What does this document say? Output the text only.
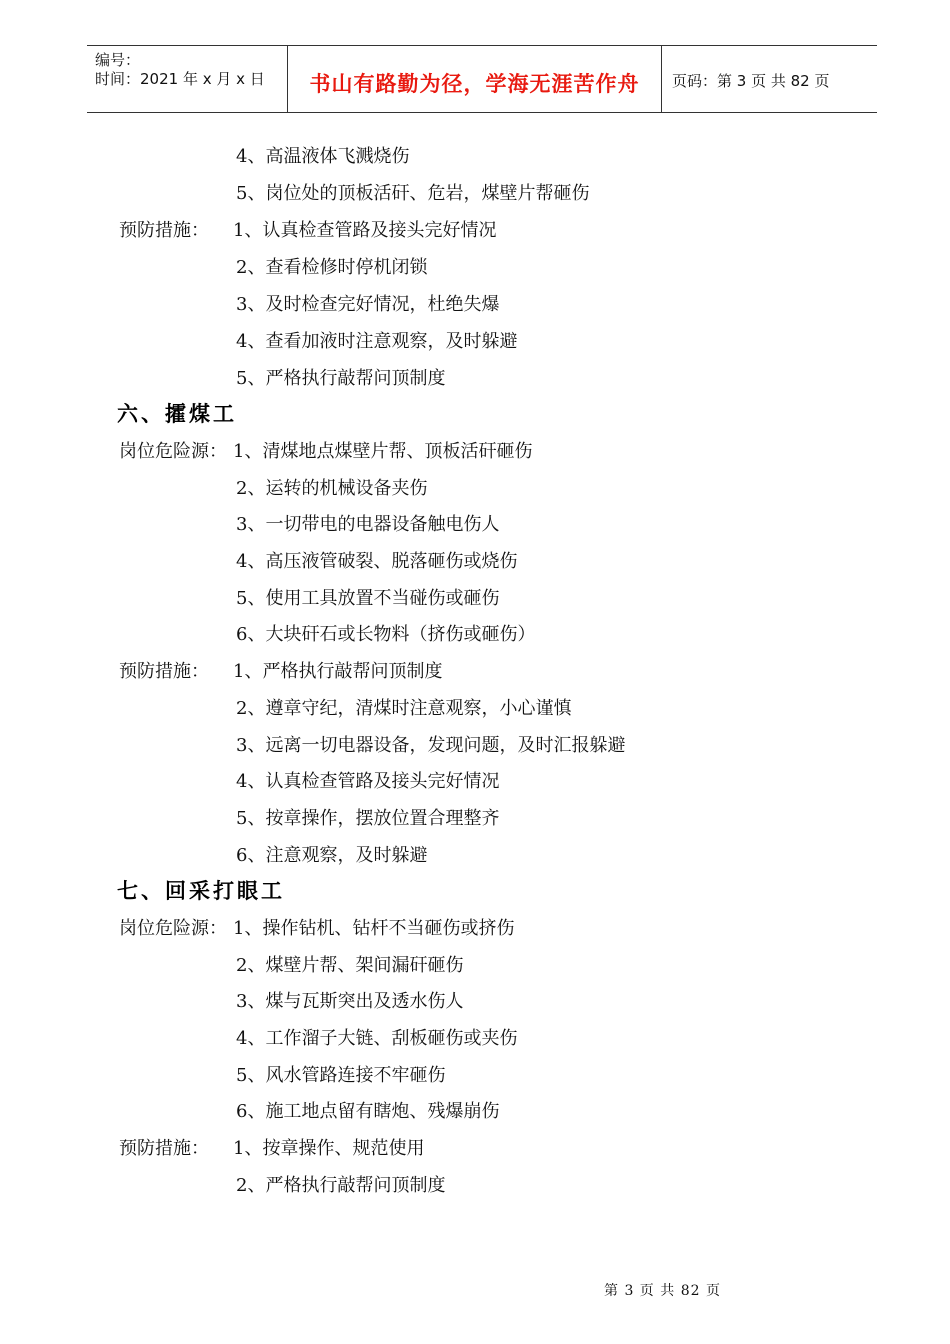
编号：
时间：2021 年 x 月 x 日	书山有路勤为径，学海无涯苦作舟	页码：第 3 页 共 82 页
4、高温液体飞溅烧伤
5、岗位处的顶板活矸、危岩，煤壁片帮砸伤
预防措施： 1、认真检查管路及接头完好情况
2、查看检修时停机闭锁
3、及时检查完好情况，杜绝失爆
4、查看加液时注意观察，及时躲避
5、严格执行敲帮问顶制度
六、攉煤工
岗位危险源： 1、清煤地点煤壁片帮、顶板活矸砸伤
2、运转的机械设备夹伤
3、一切带电的电器设备触电伤人
4、高压液管破裂、脱落砸伤或烧伤
5、使用工具放置不当碰伤或砸伤
6、大块矸石或长物料（挤伤或砸伤）
预防措施： 1、严格执行敲帮问顶制度
2、遵章守纪，清煤时注意观察，小心谨慎
3、远离一切电器设备，发现问题，及时汇报躲避
4、认真检查管路及接头完好情况
5、按章操作，摆放位置合理整齐
6、注意观察，及时躲避
七、回采打眼工
岗位危险源： 1、操作钻机、钻杆不当砸伤或挤伤
2、煤壁片帮、架间漏矸砸伤
3、煤与瓦斯突出及透水伤人
4、工作溜子大链、刮板砸伤或夹伤
5、风水管路连接不牢砸伤
6、施工地点留有瞎炮、残爆崩伤
预防措施： 1、按章操作、规范使用
2、严格执行敲帮问顶制度
第 3 页 共 82 页
